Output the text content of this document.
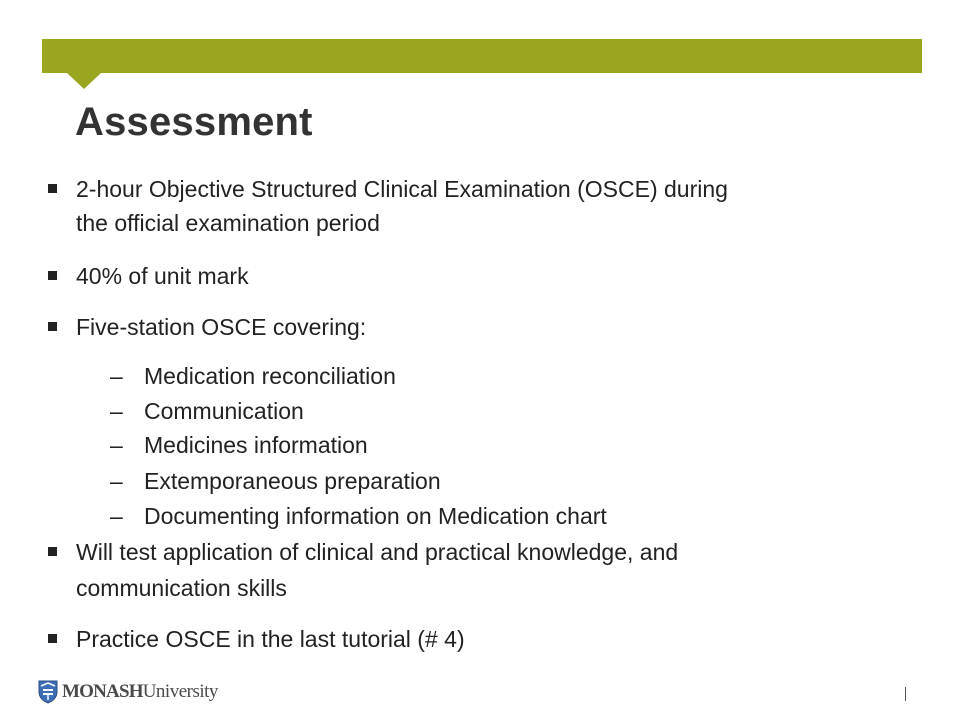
Assessment
2-hour Objective Structured Clinical Examination (OSCE) during
the official examination period
40% of unit mark
Five-station OSCE covering:
– Medication reconciliation
– Communication
– Medicines information
– Extemporaneous preparation
– Documenting information on Medication chart
Will test application of clinical and practical knowledge, and
communication skills
Practice OSCE in the last tutorial (# 4)
MONASHUniversity
